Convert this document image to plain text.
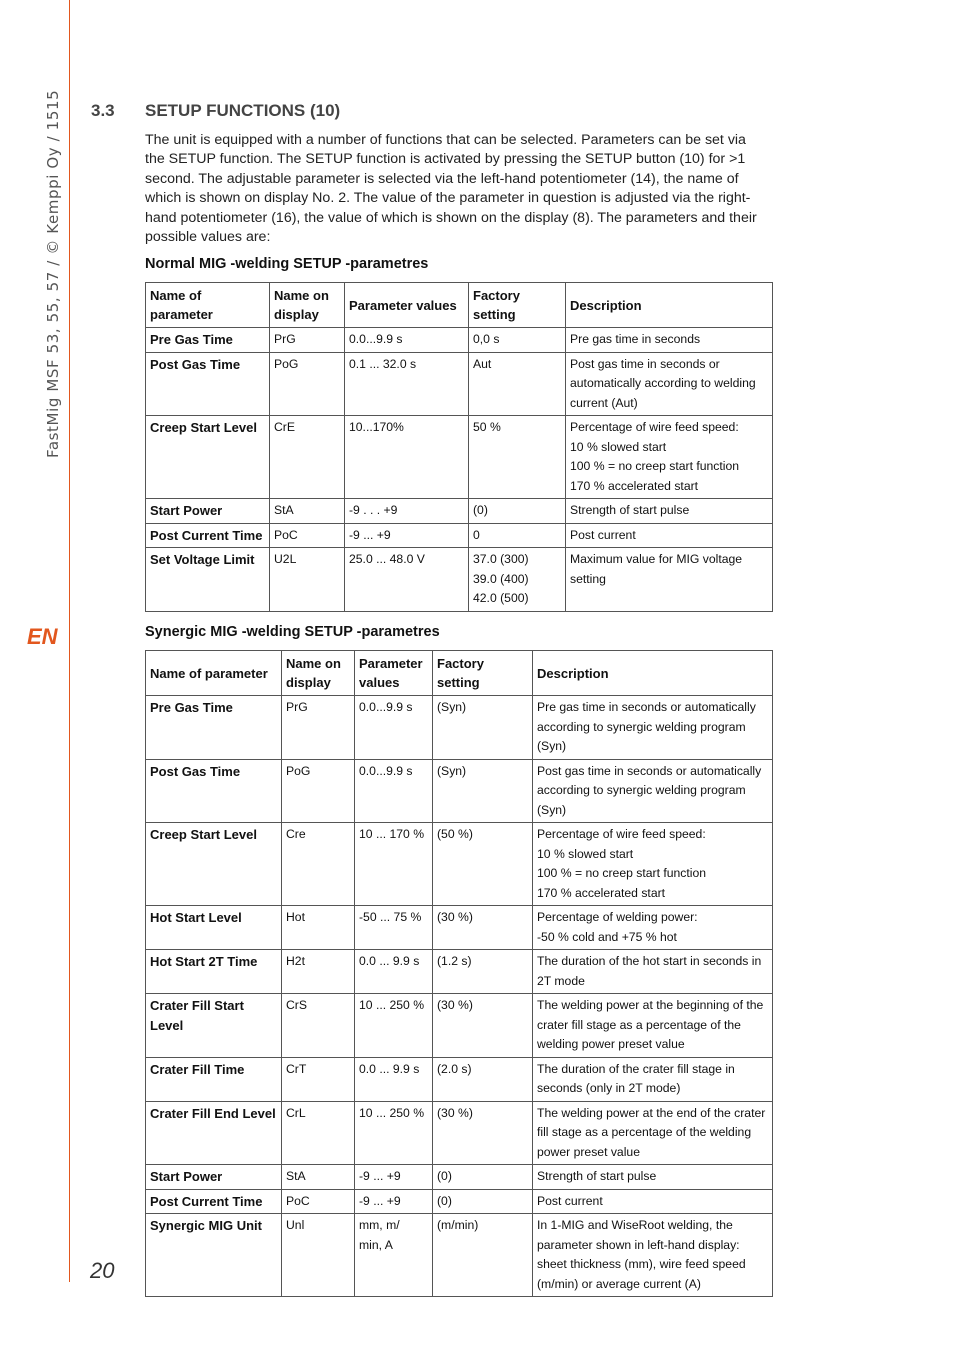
FastMig MSF 53, 55, 57 / © Kemppi Oy / 1515
EN
3.3 SETUP FUNCTIONS (10)
The unit is equipped with a number of functions that can be selected. Parameters can be set via the SETUP function. The SETUP function is activated by pressing the SETUP button (10) for >1 second. The adjustable parameter is selected via the left-hand potentiometer (14), the name of which is shown on display No. 2. The value of the parameter in question is adjusted via the right-hand potentiometer (16), the value of which is shown on the display (8). The parameters and their possible values are:
Normal MIG -welding SETUP -parametres
Name of parameter	Name on display	Parameter values	Factory setting	Description

Pre Gas Time	PrG	0.0...9.9 s	0,0 s	Pre gas time in seconds

Post Gas Time	PoG	0.1 ... 32.0 s	Aut	Post gas time in seconds or automatically according to welding current (Aut)

Creep Start Level	CrE	10...170%	50 %	Percentage of wire feed speed:
10 % slowed start
100 % = no creep start function
170 % accelerated start

Start Power	StA	-9 . . . +9	(0)	Strength of start pulse

Post Current Time	PoC	-9 ... +9	0	Post current

Set Voltage Limit	U2L	25.0 ... 48.0 V	37.0 (300)
39.0 (400)
42.0 (500)	Maximum value for MIG voltage setting
Synergic MIG -welding SETUP -parametres
Name of parameter	Name on display	Parameter values	Factory setting	Description

Pre Gas Time	PrG	0.0...9.9 s	(Syn)	Pre gas time in seconds or automatically according to synergic welding program (Syn)

Post Gas Time	PoG	0.0...9.9 s	(Syn)	Post gas time in seconds or automatically according to synergic welding program (Syn)

Creep Start Level	Cre	10 ... 170 %	(50 %)	Percentage of wire feed speed:
10 % slowed start
100 % = no creep start function
170 % accelerated start

Hot Start Level	Hot	-50 ... 75 %	(30 %)	Percentage of welding power:
-50 % cold and +75 % hot

Hot Start 2T Time	H2t	0.0 ... 9.9 s	(1.2 s)	The duration of the hot start in seconds in 2T mode

Crater Fill Start Level	CrS	10 ... 250 %	(30 %)	The welding power at the beginning of the crater fill stage as a percentage of the welding power preset value

Crater Fill Time	CrT	0.0 ... 9.9 s	(2.0 s)	The duration of the crater fill stage in seconds (only in 2T mode)

Crater Fill End Level	CrL	10 ... 250 %	(30 %)	The welding power at the end of the crater fill stage as a percentage of the welding power preset value

Start Power	StA	-9 ... +9	(0)	Strength of start pulse

Post Current Time	PoC	-9 ... +9	(0)	Post current

Synergic MIG Unit	Unl	mm, m/
min, A	(m/min)	In 1-MIG and WiseRoot welding, the parameter shown in left-hand display: sheet thickness (mm), wire feed speed (m/min) or average current (A)
20
